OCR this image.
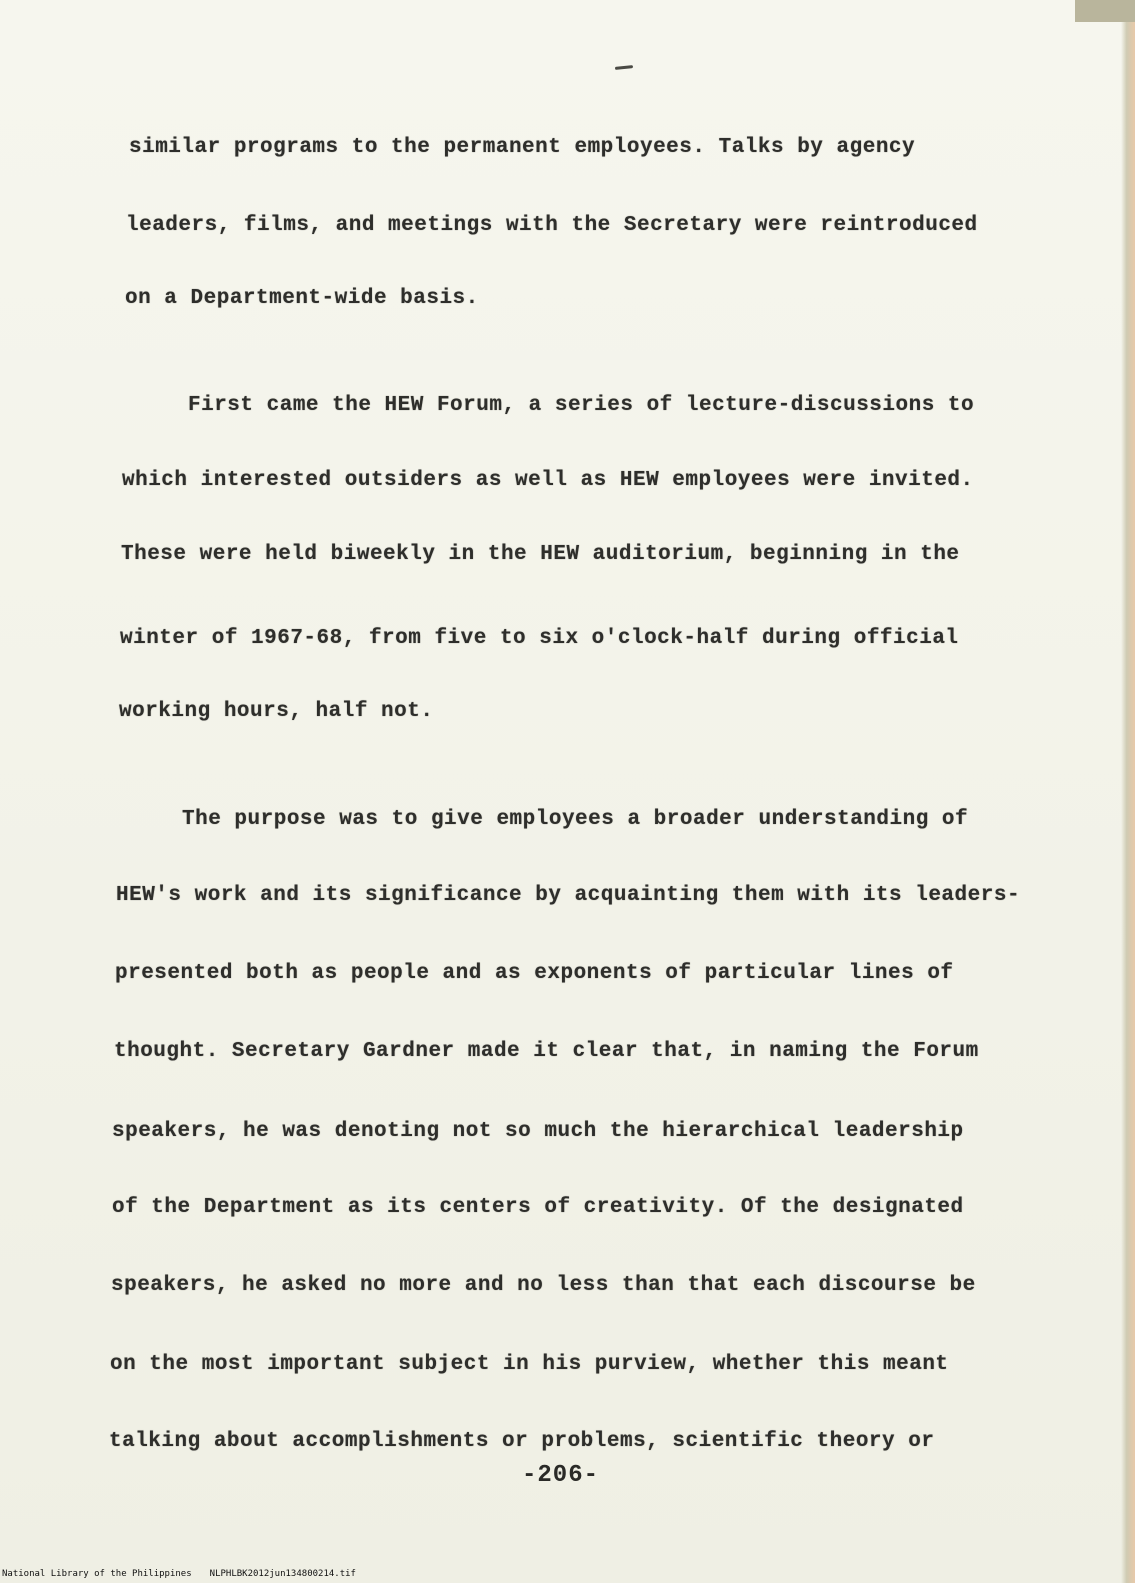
similar programs to the permanent employees. Talks by agency
leaders, films, and meetings with the Secretary were reintroduced
on a Department-wide basis.
First came the HEW Forum, a series of lecture-discussions to
which interested outsiders as well as HEW employees were invited.
These were held biweekly in the HEW auditorium, beginning in the
winter of 1967-68, from five to six o'clock-half during official
working hours, half not.
The purpose was to give employees a broader understanding of
HEW's work and its significance by acquainting them with its leaders-
presented both as people and as exponents of particular lines of
thought. Secretary Gardner made it clear that, in naming the Forum
speakers, he was denoting not so much the hierarchical leadership
of the Department as its centers of creativity. Of the designated
speakers, he asked no more and no less than that each discourse be
on the most important subject in his purview, whether this meant
talking about accomplishments or problems, scientific theory or
-206-
National Library of the Philippines NLPHLBK2012jun134800214.tif
